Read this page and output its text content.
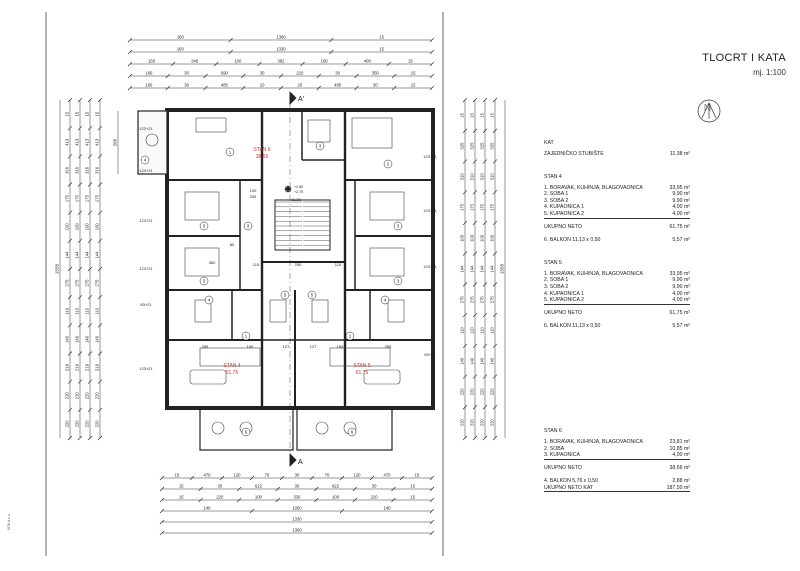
160	1360	15
160	1330	15
160	348	100	382	100	400	15
160	30	690	30	210	30	350	15
160	30	485	10	20	485	30	15
15	470	120	70	30	70	120	470	15
15	30	622	30	622	30	15
15	220	100	330	100	220	15
140	1050	140
1330
1360
15
413
316
175
100
144
275
110
140
219
220
220
15
413
316
175
100
144
275
110
140
219
220
220
15
413
316
175
100
144
275
110
140
219
220
220
15
413
316
175
100
144
275
110
140
219
220
220
15
325
310
175
100
144
275
110
140
220
220
15
325
310
175
100
144
275
110
140
220
220
15
325
310
175
100
144
275
110
140
220
220
15
325
310
175
100
144
275
110
140
220
220
1558	1558
265
1
3
3
3
4
1
4
3
2
3
3
4
5	5
1
6	6
A'
A
STAN 6
38,66
STAN 4
61,75
STAN 5
61,75
+2,80
+2,70
11,38
123+21
123+21
123+21
123+21
83+21
123+21
123+21
123+21
123+21
83+21
100
205
80
360	115	250	115
285	190	127	127	190	285
TLOCRT I KATA
mj. 1:100
KAT
ZAJEDNIČKO STUBIŠTE	11,38 m²
STAN 4
1. BORAVAK, KUHINJA, BLAGOVAONICA	33,95 m²
2. SOBA 1	9,90 m²
3. SOBA 2	9,90 m²
4. KUPAONICA 1	4,00 m²
5. KUPAONICA 2	4,00 m²
UKUPNO NETO	61,75 m²
6. BALKON 11,13 x 0,50	5,57 m²
STAN 5
1. BORAVAK, KUHINJA, BLAGOVAONICA	33,95 m²
2. SOBA 1	9,90 m²
3. SOBA 2	9,90 m²
4. KUPAONICA 1	4,00 m²
5. KUPAONICA 2	4,00 m²
UKUPNO NETO	61,75 m²
6. BALKON 11,13 x 0,50	5,57 m²
STAN 6
1. BORAVAK, KUHINJA, BLAGOVAONICA	23,81 m²
2. SOBA	10,85 m²
3. KUPAONICA	4,00 m²
UKUPNO NETO	38,66 m²
4. BALKON 5,76 x 0,50	2,88 m²
UKUPNO NETO KAT	187,50 m²
KPB d.o.o.
